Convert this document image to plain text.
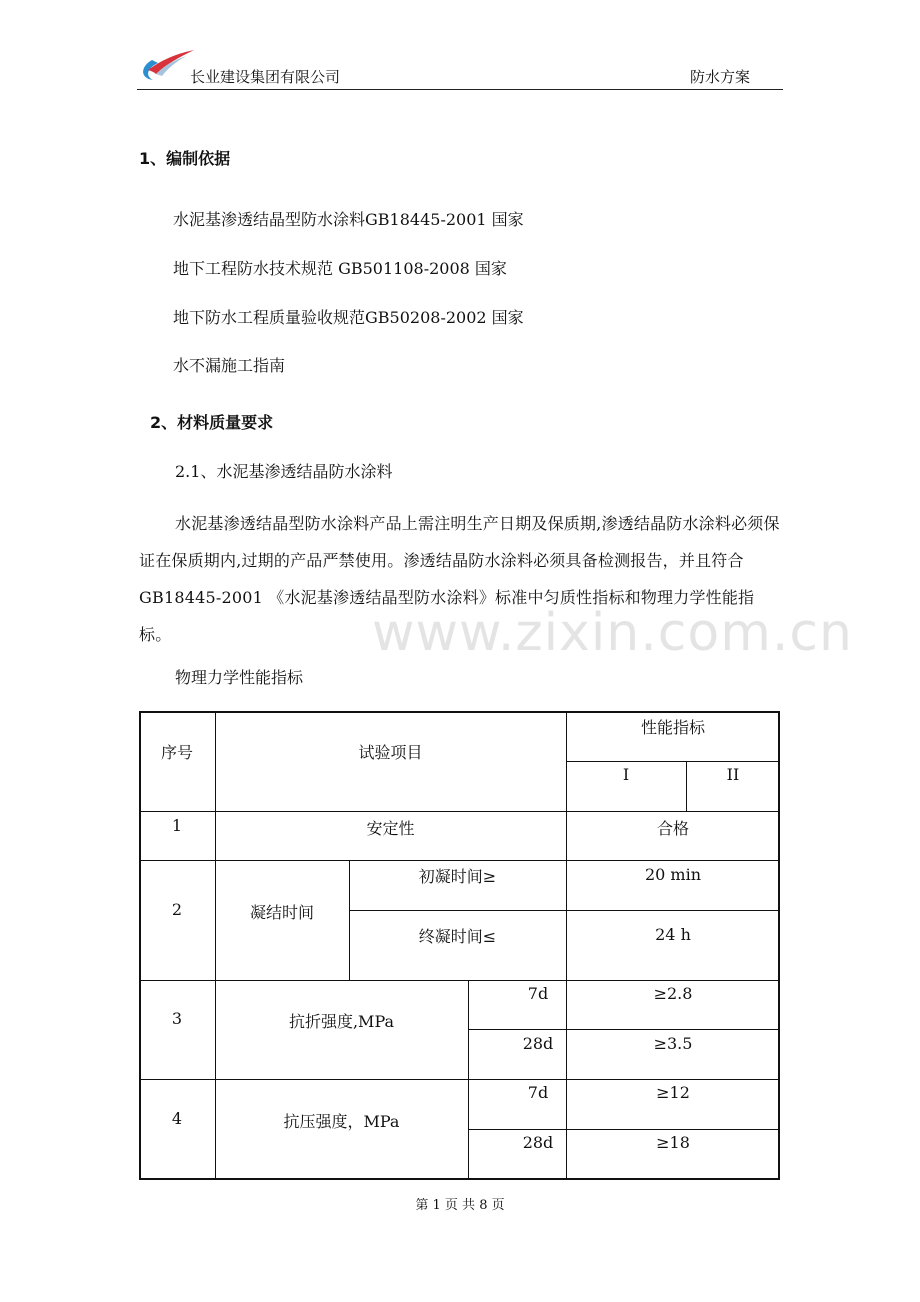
长业建设集团有限公司	防水方案
1、编制依据
水泥基渗透结晶型防水涂料GB18445-2001 国家
地下工程防水技术规范 GB501108-2008 国家
地下防水工程质量验收规范GB50208-2002 国家
水不漏施工指南
2、材料质量要求
2.1、水泥基渗透结晶防水涂料
水泥基渗透结晶型防水涂料产品上需注明生产日期及保质期,渗透结晶防水涂料必须保证在保质期内,过期的产品严禁使用。渗透结晶防水涂料必须具备检测报告，并且符合GB18445-2001 《水泥基渗透结晶型防水涂料》标准中匀质性指标和物理力学性能指标。
物理力学性能指标
www.zixin.com.cn
序号	试验项目
性能指标
I	II
1	安定性	合格
2	凝结时间
初凝时间≥	20 min
终凝时间≤	24 h
3	抗折强度,MPa
7d	≥2.8
28d	≥3.5
4	抗压强度，MPa
7d	≥12
28d	≥18
第 1 页 共 8 页
